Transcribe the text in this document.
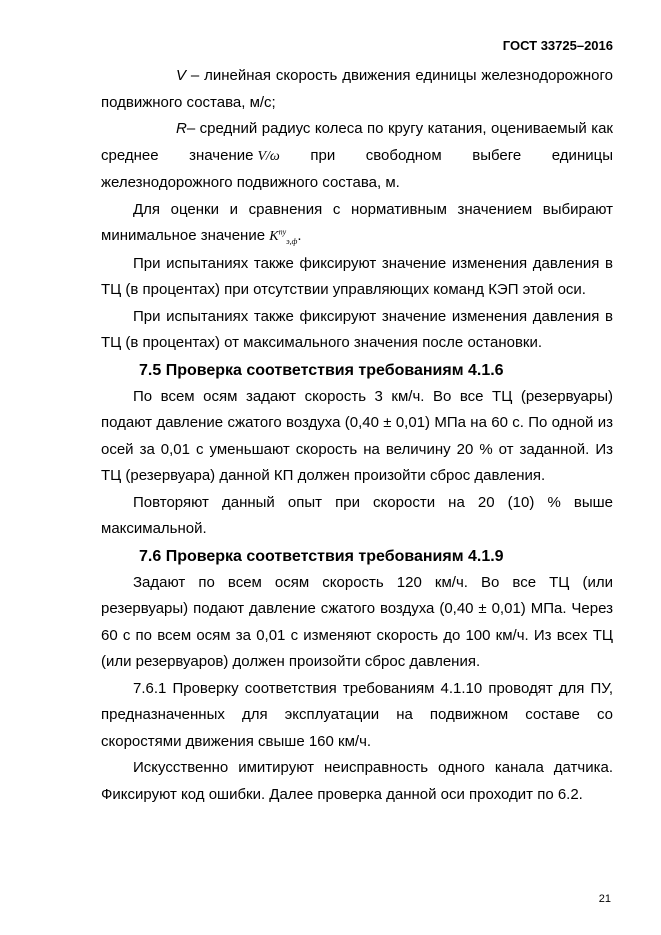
ГОСТ 33725–2016

V – линейная скорость движения единицы железнодорожного подвижного состава, м/с;

R– средний радиус колеса по кругу катания, оцениваемый как среднее значение V/ω при свободном выбеге единицы железнодорожного подвижного состава, м.

Для оценки и сравнения с нормативным значением выбирают минимальное значение $K^{пу}_{э,ф}$.

При испытаниях также фиксируют значение изменения давления в ТЦ (в процентах) при отсутствии управляющих команд КЭП этой оси.

При испытаниях также фиксируют значение изменения давления в ТЦ (в процентах) от максимального значения после остановки.

7.5 Проверка соответствия требованиям 4.1.6

По всем осям задают скорость 3 км/ч. Во все ТЦ (резервуары) подают давление сжатого воздуха (0,40 ± 0,01) МПа на 60 с. По одной из осей за 0,01 с уменьшают скорость на величину 20 % от заданной. Из ТЦ (резервуара) данной КП должен произойти сброс давления.

Повторяют данный опыт при скорости на 20 (10) % выше максимальной.

7.6 Проверка соответствия требованиям 4.1.9

Задают по всем осям скорость 120 км/ч. Во все ТЦ (или резервуары) подают давление сжатого воздуха (0,40 ± 0,01) МПа. Через 60 с по всем осям за 0,01 с изменяют скорость до 100 км/ч. Из всех ТЦ (или резервуаров) должен произойти сброс давления.

7.6.1 Проверку соответствия требованиям 4.1.10 проводят для ПУ, предназначенных для эксплуатации на подвижном составе со скоростями движения свыше 160 км/ч.

Искусственно имитируют неисправность одного канала датчика. Фиксируют код ошибки. Далее проверка данной оси проходит по 6.2.

21
